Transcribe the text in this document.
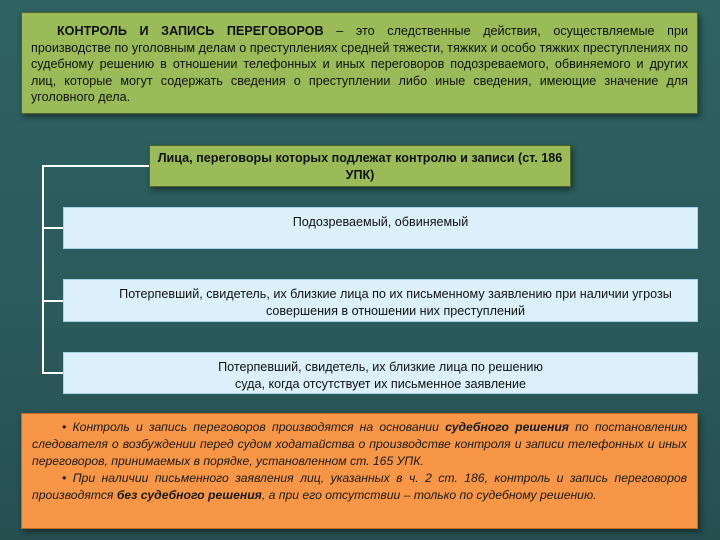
КОНТРОЛЬ И ЗАПИСЬ ПЕРЕГОВОРОВ – это следственные действия, осуществляемые при производстве по уголовным делам о преступлениях средней тяжести, тяжких и особо тяжких преступлениях по судебному решению в отношении телефонных и иных переговоров подозреваемого, обвиняемого и других лиц, которые могут содержать сведения о преступлении либо иные сведения, имеющие значение для уголовного дела.
Лица, переговоры которых подлежат контролю и записи (ст. 186 УПК)
Подозреваемый, обвиняемый
Потерпевший, свидетель, их близкие лица по их письменному заявлению при наличии угрозы совершения в отношении них преступлений
Потерпевший, свидетель, их близкие лица по решению суда, когда отсутствует их письменное заявление

• Контроль и запись переговоров производятся на основании судебного решения по постановлению следователя о возбуждении перед судом ходатайства о производстве контроля и записи телефонных и иных переговоров, принимаемых в порядке, установленном ст. 165 УПК.

• При наличии письменного заявления лиц, указанных в ч. 2 ст. 186, контроль и запись переговоров производятся без судебного решения, а при его отсутствии – только по судебному решению.
